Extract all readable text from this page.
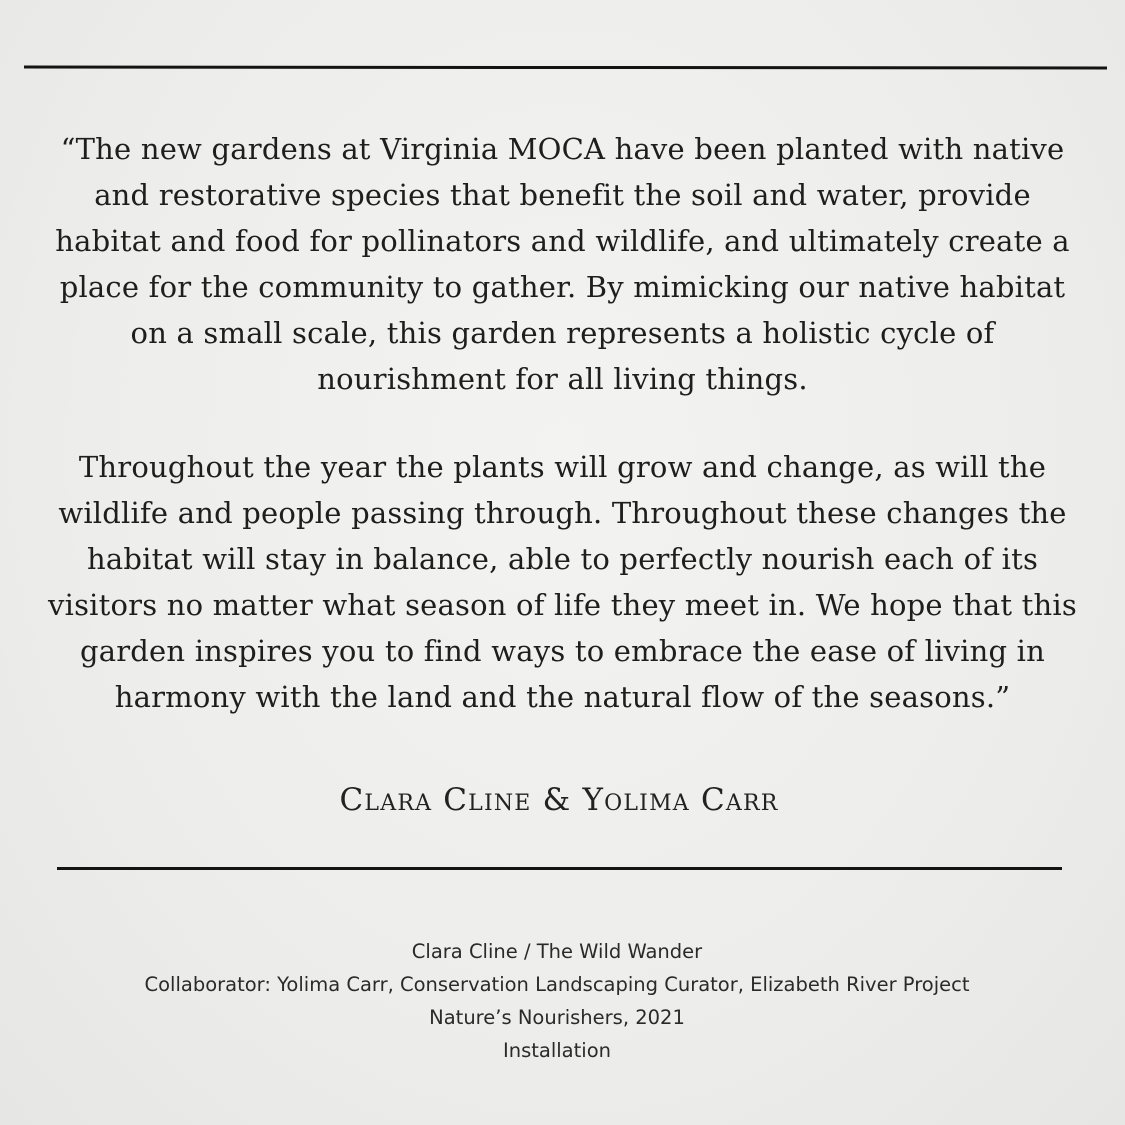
“The new gardens at Virginia MOCA have been planted with native
and restorative species that benefit the soil and water, provide
habitat and food for pollinators and wildlife, and ultimately create a
place for the community to gather. By mimicking our native habitat
on a small scale, this garden represents a holistic cycle of
nourishment for all living things.
Throughout the year the plants will grow and change, as will the
wildlife and people passing through. Throughout these changes the
habitat will stay in balance, able to perfectly nourish each of its
visitors no matter what season of life they meet in. We hope that this
garden inspires you to find ways to embrace the ease of living in
harmony with the land and the natural flow of the seasons.”
Clara Cline & Yolima Carr
Clara Cline / The Wild Wander
Collaborator: Yolima Carr, Conservation Landscaping Curator, Elizabeth River Project
Nature’s Nourishers, 2021
Installation
